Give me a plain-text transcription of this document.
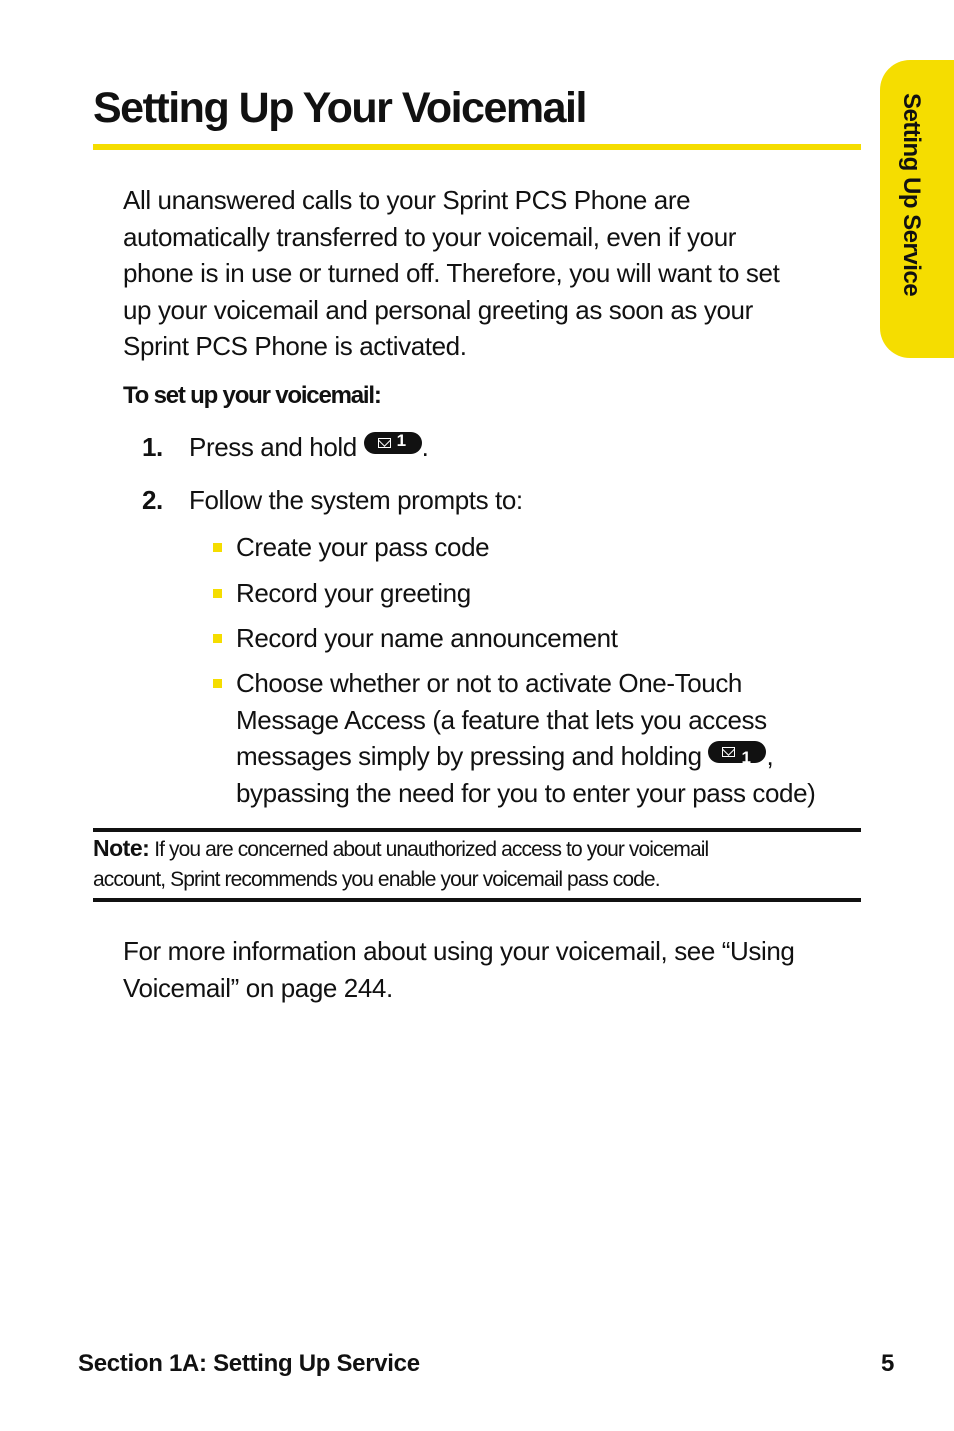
Setting Up Your Voicemail	Setting Up Service
All unanswered calls to your Sprint PCS Phone are
automatically transferred to your voicemail, even if your
phone is in use or turned off. Therefore, you will want to set
up your voicemail and personal greeting as soon as your
Sprint PCS Phone is activated.
To set up your voicemail:
1. Press and hold 1 .
2. Follow the system prompts to:
Create your pass code
Record your greeting
Record your name announcement
Choose whether or not to activate One-Touch
Message Access (a feature that lets you access
messages simply by pressing and holding 1 ,
bypassing the need for you to enter your pass code)
Note: If you are concerned about unauthorized access to your voicemail
account, Sprint recommends you enable your voicemail pass code.
For more information about using your voicemail, see “Using
Voicemail” on page 244.
Section 1A: Setting Up Service	5
